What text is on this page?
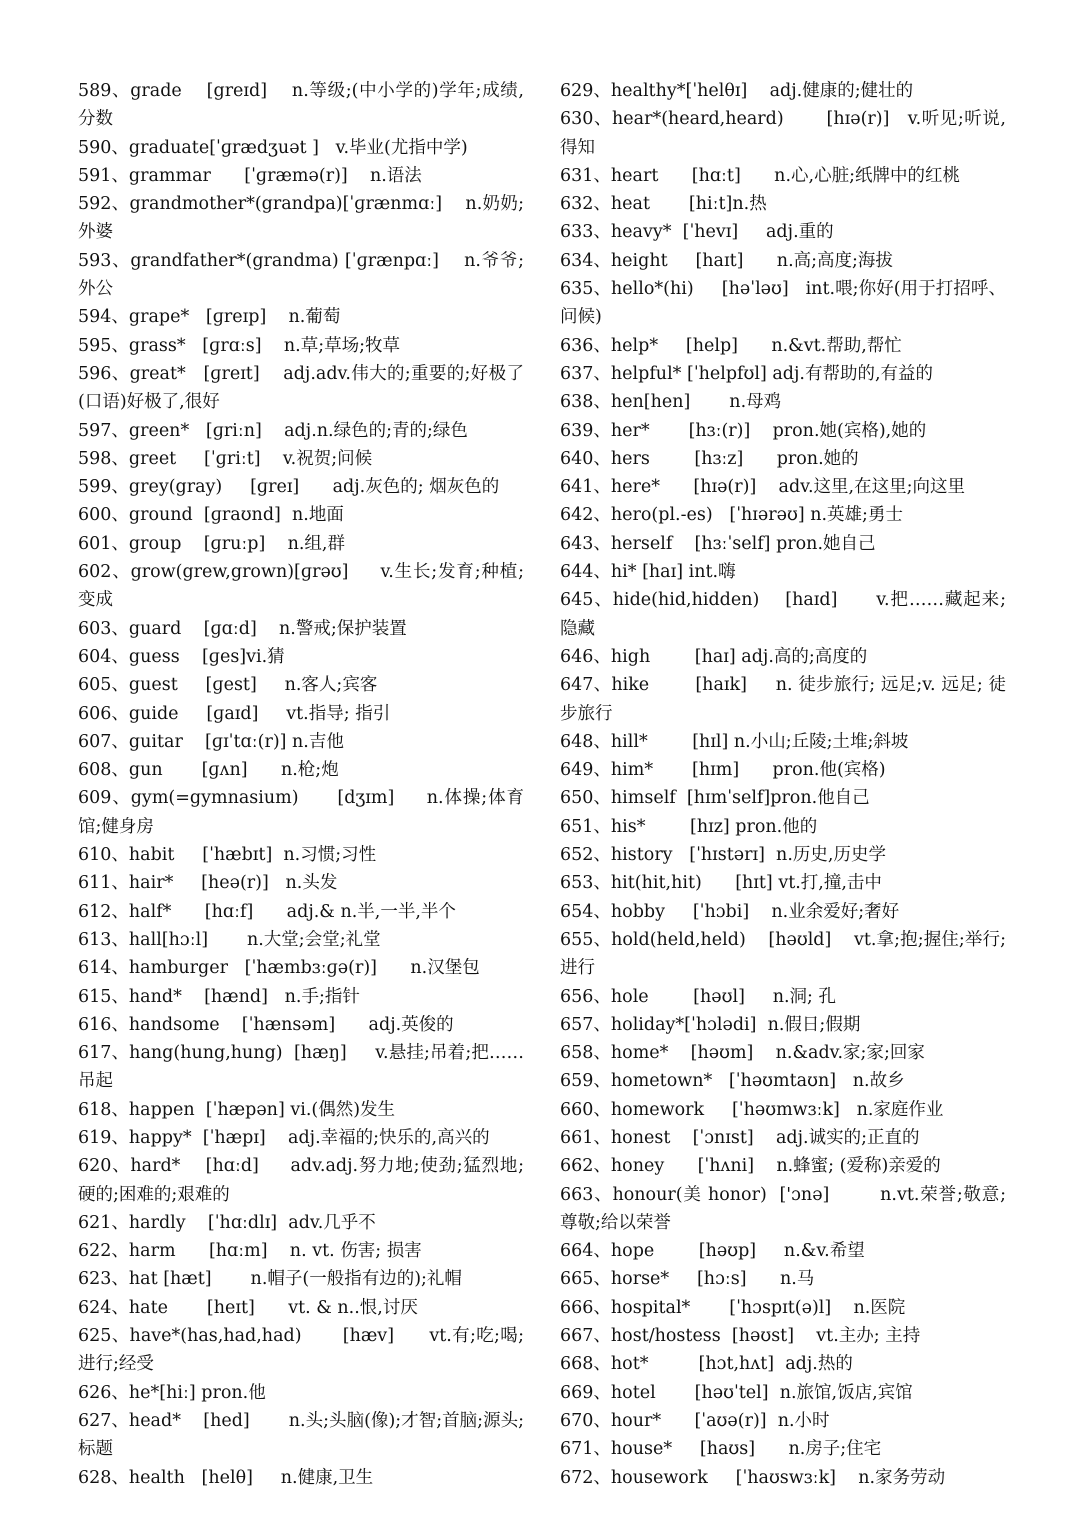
589、grade    [greɪd]    n.等级;(中小学的)学年;成绩,分数
590、graduate[ˈɡrædʒuət ]   v.毕业(尤指中学)
591、grammar      [ˈɡræmə(r)]    n.语法
592、grandmother*(grandpa)[ˈɡrænmɑː]    n.奶奶;外婆
593、grandfather*(grandma) [ˈɡrænpɑː]    n.爷爷;外公
594、grape*   [ɡreɪp]    n.葡萄
595、grass*   [ɡrɑːs]    n.草;草场;牧草
596、great*   [ɡreɪt]    adj.adv.伟大的;重要的;好极了(口语)好极了,很好
597、green*   [ɡriːn]    adj.n.绿色的;青的;绿色
598、greet     [ˈɡriːt]    v.祝贺;问候
599、grey(gray)     [ɡreɪ]      adj.灰色的; 烟灰色的
600、ground  [ɡraʊnd]  n.地面
601、group    [ɡruːp]    n.组,群
602、grow(grew,grown)[ɡrəʊ]     v.生长;发育;种植;变成
603、guard    [ɡɑːd]    n.警戒;保护装置
604、guess    [ɡes]vi.猜
605、guest     [ɡest]     n.客人;宾客
606、guide     [ɡaɪd]     vt.指导; 指引
607、guitar    [ɡɪˈtɑː(r)] n.吉他
608、gun       [ɡʌn]      n.枪;炮
609、gym(=gymnasium)      [dʒɪm]     n.体操;体育馆;健身房
610、habit     [ˈhæbɪt]  n.习惯;习性
611、hair*     [heə(r)]   n.头发
612、half*      [hɑːf]      adj.& n.半,一半,半个
613、hall[hɔːl]       n.大堂;会堂;礼堂
614、hamburger   [ˈhæmbɜːɡə(r)]      n.汉堡包
615、hand*    [hænd]   n.手;指针
616、handsome    [ˈhænsəm]      adj.英俊的
617、hang(hung,hung)  [hæŋ]     v.悬挂;吊着;把……吊起
618、happen  [ˈhæpən] vi.(偶然)发生
619、happy*  [ˈhæpɪ]    adj.幸福的;快乐的,高兴的
620、hard*    [hɑːd]     adv.adj.努力地;使劲;猛烈地;硬的;困难的;艰难的
621、hardly    [ˈhɑːdlɪ]  adv.几乎不
622、harm      [hɑːm]    n. vt. 伤害; 损害
623、hat [hæt]       n.帽子(一般指有边的);礼帽
624、hate       [heɪt]      vt. & n..恨,讨厌
625、have*(has,had,had)       [hæv]      vt.有;吃;喝;进行;经受
626、he*[hiː] pron.他
627、head*    [hed]       n.头;头脑(像);才智;首脑;源头;标题
628、health   [helθ]     n.健康,卫生
629、healthy*[ˈhelθɪ]    adj.健康的;健壮的
630、hear*(heard,heard)       [hɪə(r)]   v.听见;听说,得知
631、heart      [hɑːt]      n.心,心脏;纸牌中的红桃
632、heat       [hiːt]n.热
633、heavy*  [ˈhevɪ]     adj.重的
634、height     [haɪt]      n.高;高度;海拔
635、hello*(hi)     [həˈləʊ]   int.喂;你好(用于打招呼、问候)
636、help*     [help]      n.&vt.帮助,帮忙
637、helpful* [ˈhelpfʊl] adj.有帮助的,有益的
638、hen[hen]       n.母鸡
639、her*       [hɜː(r)]    pron.她(宾格),她的
640、hers        [hɜːz]      pron.她的
641、here*      [hɪə(r)]    adv.这里,在这里;向这里
642、hero(pl.-es)   [ˈhɪərəʊ] n.英雄;勇士
643、herself    [hɜːˈself] pron.她自己
644、hi* [haɪ] int.嗨
645、hide(hid,hidden)    [haɪd]      v.把……藏起来;隐藏
646、high        [haɪ] adj.高的;高度的
647、hike        [haɪk]     n. 徒步旅行; 远足;v. 远足; 徒步旅行
648、hill*        [hɪl] n.小山;丘陵;土堆;斜坡
649、him*       [hɪm]      pron.他(宾格)
650、himself  [hɪmˈself]pron.他自己
651、his*        [hɪz] pron.他的
652、history   [ˈhɪstərɪ]  n.历史,历史学
653、hit(hit,hit)      [hɪt] vt.打,撞,击中
654、hobby     [ˈhɔbi]    n.业余爱好;奢好
655、hold(held,held)    [həʊld]    vt.拿;抱;握住;举行;进行
656、hole        [həʊl]     n.洞; 孔
657、holiday*[ˈhɔlədi]  n.假日;假期
658、home*    [həʊm]    n.&adv.家;家;回家
659、hometown*   [ˈhəʊmtaʊn]   n.故乡
660、homework     [ˈhəʊmwɜːk]   n.家庭作业
661、honest    [ˈɔnɪst]    adj.诚实的;正直的
662、honey      [ˈhʌni]    n.蜂蜜; (爱称)亲爱的
663、honour(美 honor)  ['ɔnə]        n.vt.荣誉;敬意;尊敬;给以荣誉
664、hope        [həʊp]     n.&v.希望
665、horse*     [hɔːs]      n.马
666、hospital*       [ˈhɔspɪt(ə)l]    n.医院
667、host/hostess  [həʊst]    vt.主办; 主持
668、hot*         [hɔt,hʌt]  adj.热的
669、hotel       [həʊˈtel]  n.旅馆,饭店,宾馆
670、hour*      [ˈaʊə(r)]  n.小时
671、house*     [haʊs]      n.房子;住宅
672、housework     [ˈhaʊswɜːk]    n.家务劳动
